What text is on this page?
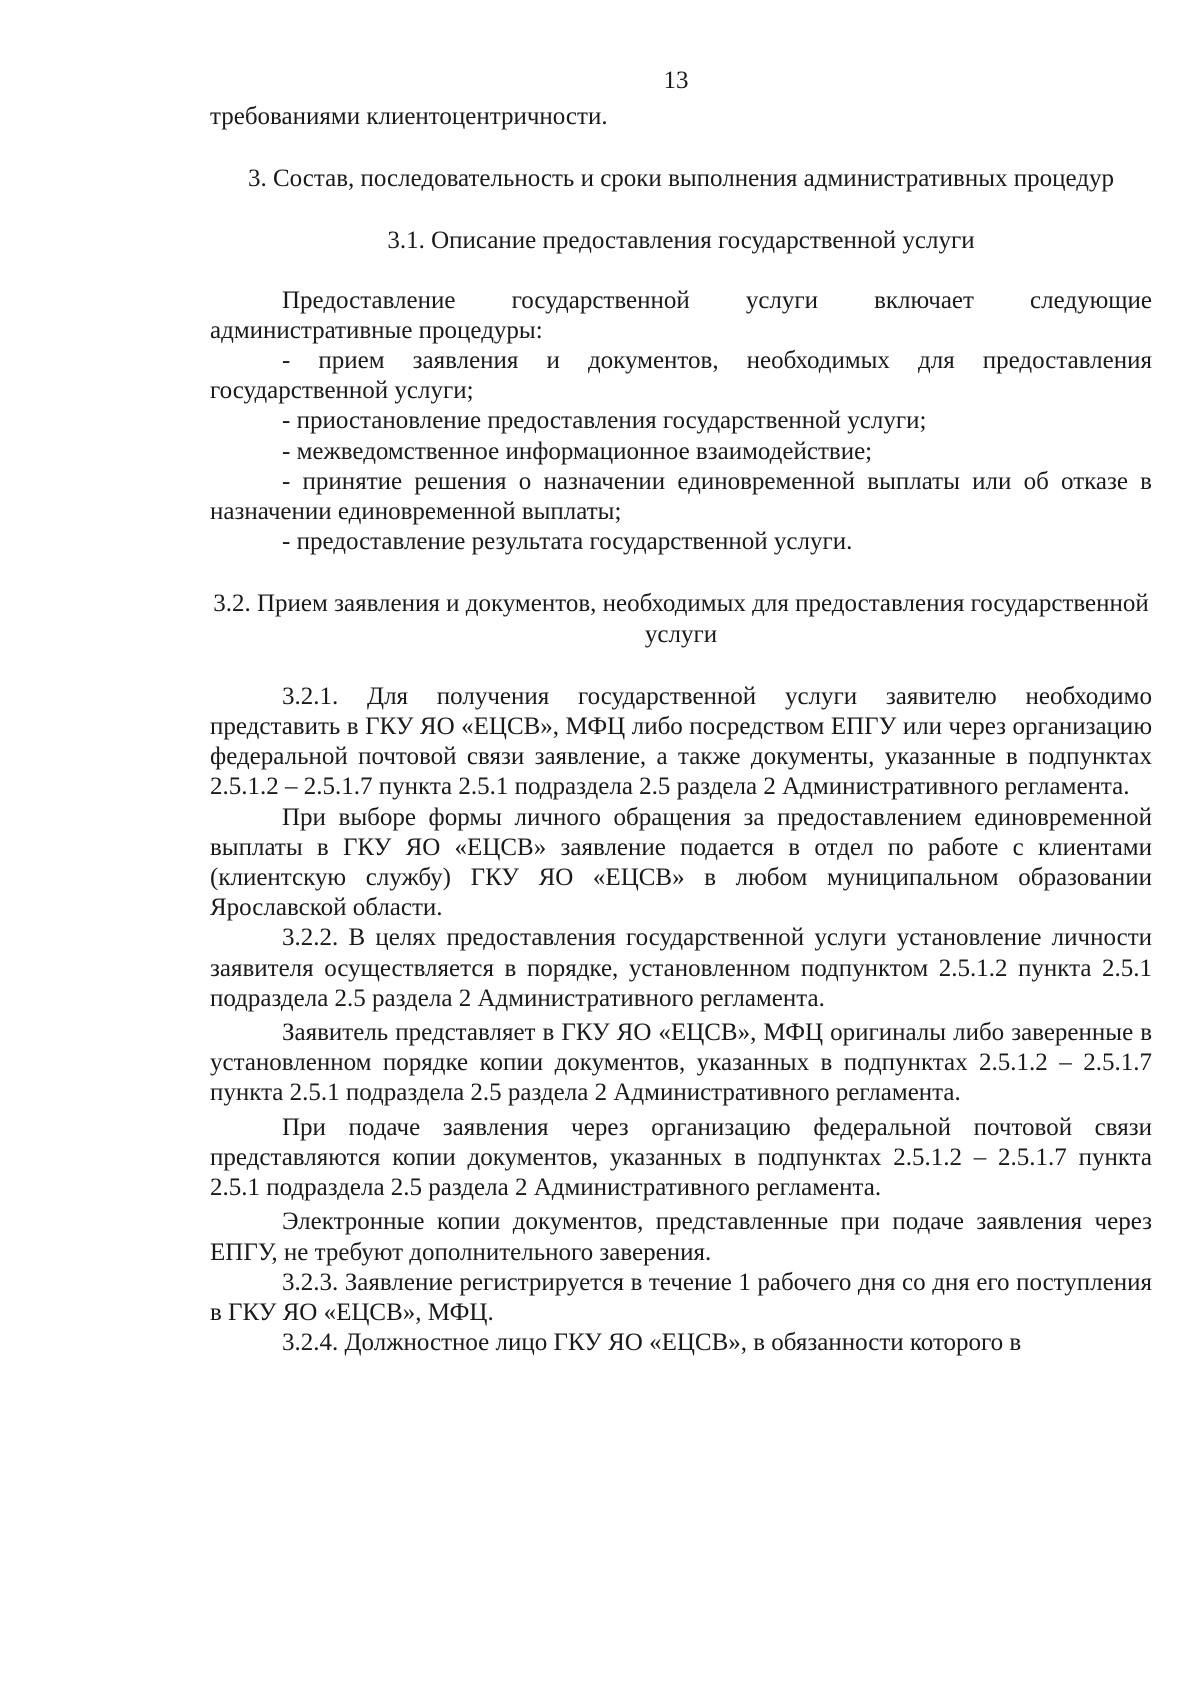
13

требованиями клиентоцентричности.

3. Состав, последовательность и сроки выполнения административных процедур

3.1. Описание предоставления государственной услуги

Предоставление государственной услуги включает следующие административные процедуры:

- прием заявления и документов, необходимых для предоставления государственной услуги;

- приостановление предоставления государственной услуги;

- межведомственное информационное взаимодействие;

- принятие решения о назначении единовременной выплаты или об отказе в назначении единовременной выплаты;

- предоставление результата государственной услуги.

3.2. Прием заявления и документов, необходимых для предоставления государственной услуги

3.2.1. Для получения государственной услуги заявителю необходимо представить в ГКУ ЯО «ЕЦСВ», МФЦ либо посредством ЕПГУ или через организацию федеральной почтовой связи заявление, а также документы, указанные в подпунктах 2.5.1.2 – 2.5.1.7 пункта 2.5.1 подраздела 2.5 раздела 2 Административного регламента.

При выборе формы личного обращения за предоставлением единовременной выплаты в ГКУ ЯО «ЕЦСВ» заявление подается в отдел по работе с клиентами (клиентскую службу) ГКУ ЯО «ЕЦСВ» в любом муниципальном образовании Ярославской области.

3.2.2. В целях предоставления государственной услуги установление личности заявителя осуществляется в порядке, установленном подпунктом 2.5.1.2 пункта 2.5.1 подраздела 2.5 раздела 2 Административного регламента.

Заявитель представляет в ГКУ ЯО «ЕЦСВ», МФЦ оригиналы либо заверенные в установленном порядке копии документов, указанных в подпунктах 2.5.1.2 – 2.5.1.7 пункта 2.5.1 подраздела 2.5 раздела 2 Административного регламента.

При подаче заявления через организацию федеральной почтовой связи представляются копии документов, указанных в подпунктах 2.5.1.2 – 2.5.1.7 пункта 2.5.1 подраздела 2.5 раздела 2 Административного регламента.

Электронные копии документов, представленные при подаче заявления через ЕПГУ, не требуют дополнительного заверения.

3.2.3. Заявление регистрируется в течение 1 рабочего дня со дня его поступления в ГКУ ЯО «ЕЦСВ», МФЦ.

3.2.4. Должностное лицо ГКУ ЯО «ЕЦСВ», в обязанности которого в
